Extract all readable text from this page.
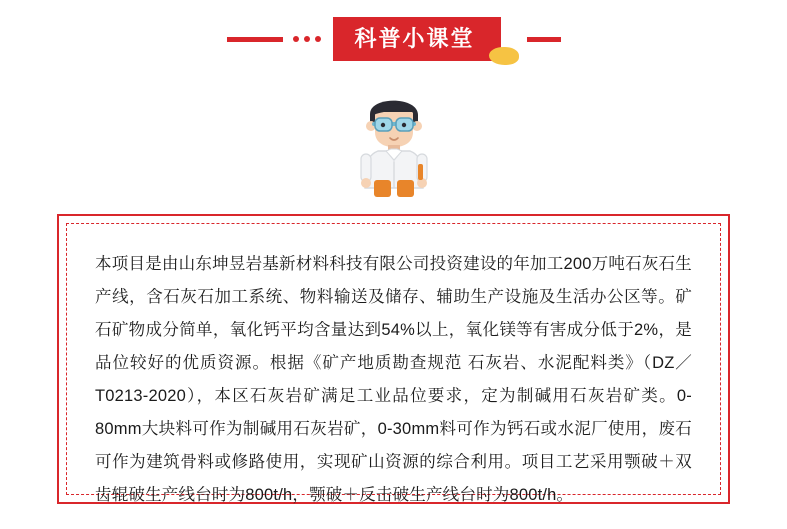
科普小课堂

本项目是由山东坤昱岩基新材料科技有限公司投资建设的年加工200万吨石灰石生产线，含石灰石加工系统、物料输送及储存、辅助生产设施及生活办公区等。矿石矿物成分简单，氧化钙平均含量达到54%以上，氧化镁等有害成分低于2%，是品位较好的优质资源。根据《矿产地质勘查规范 石灰岩、水泥配料类》（DZ／T0213-2020），本区石灰岩矿满足工业品位要求，定为制碱用石灰岩矿类。0-80mm大块料可作为制碱用石灰岩矿，0-30mm料可作为钙石或水泥厂使用，废石可作为建筑骨料或修路使用，实现矿山资源的综合利用。项目工艺采用颚破＋双齿辊破生产线台时为800t/h，颚破＋反击破生产线台时为800t/h。
